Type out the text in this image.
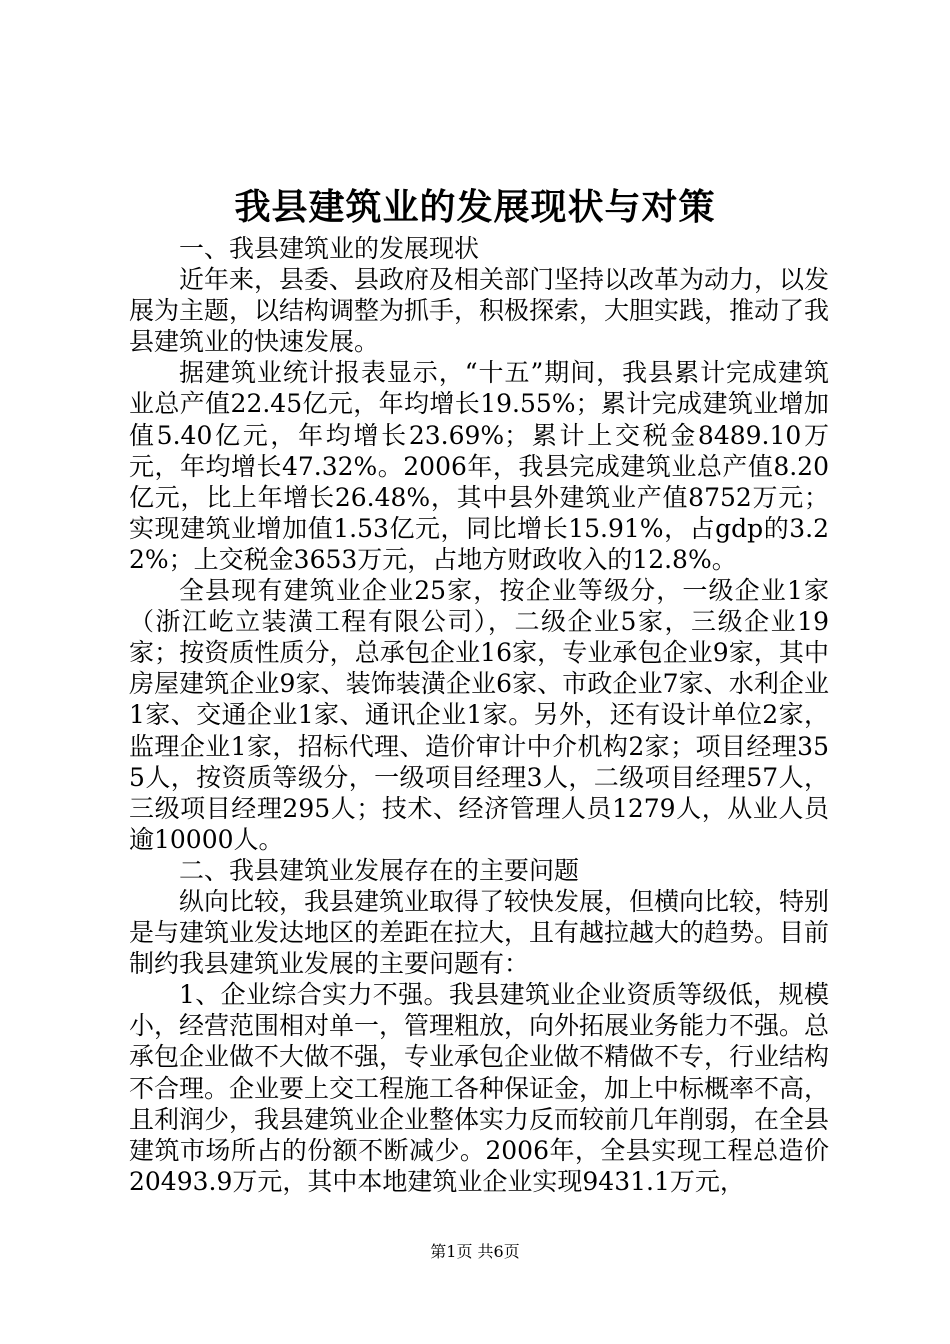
我县建筑业的发展现状与对策

一、我县建筑业的发展现状

近年来，县委、县政府及相关部门坚持以改革为动力，以发展为主题，以结构调整为抓手，积极探索，大胆实践，推动了我县建筑业的快速发展。

据建筑业统计报表显示，“十五”期间，我县累计完成建筑业总产值22.45亿元，年均增长19.55%；累计完成建筑业增加值5.40亿元，年均增长23.69%；累计上交税金8489.10万元，年均增长47.32%。2006年，我县完成建筑业总产值8.20亿元，比上年增长26.48%，其中县外建筑业产值8752万元；实现建筑业增加值1.53亿元，同比增长15.91%，占gdp的3.22%；上交税金3653万元，占地方财政收入的12.8%。

全县现有建筑业企业25家，按企业等级分，一级企业1家（浙江屹立装潢工程有限公司），二级企业5家，三级企业19家；按资质性质分，总承包企业16家，专业承包企业9家，其中房屋建筑企业9家、装饰装潢企业6家、市政企业7家、水利企业1家、交通企业1家、通讯企业1家。另外，还有设计单位2家，监理企业1家，招标代理、造价审计中介机构2家；项目经理355人，按资质等级分，一级项目经理3人，二级项目经理57人，三级项目经理295人；技术、经济管理人员1279人，从业人员逾10000人。

二、我县建筑业发展存在的主要问题

纵向比较，我县建筑业取得了较快发展，但横向比较，特别是与建筑业发达地区的差距在拉大，且有越拉越大的趋势。目前制约我县建筑业发展的主要问题有：

1、企业综合实力不强。我县建筑业企业资质等级低，规模小，经营范围相对单一，管理粗放，向外拓展业务能力不强。总承包企业做不大做不强，专业承包企业做不精做不专，行业结构不合理。企业要上交工程施工各种保证金，加上中标概率不高，且利润少，我县建筑业企业整体实力反而较前几年削弱，在全县建筑市场所占的份额不断减少。2006年，全县实现工程总造价20493.9万元，其中本地建筑业企业实现9431.1万元，

第1页 共6页
